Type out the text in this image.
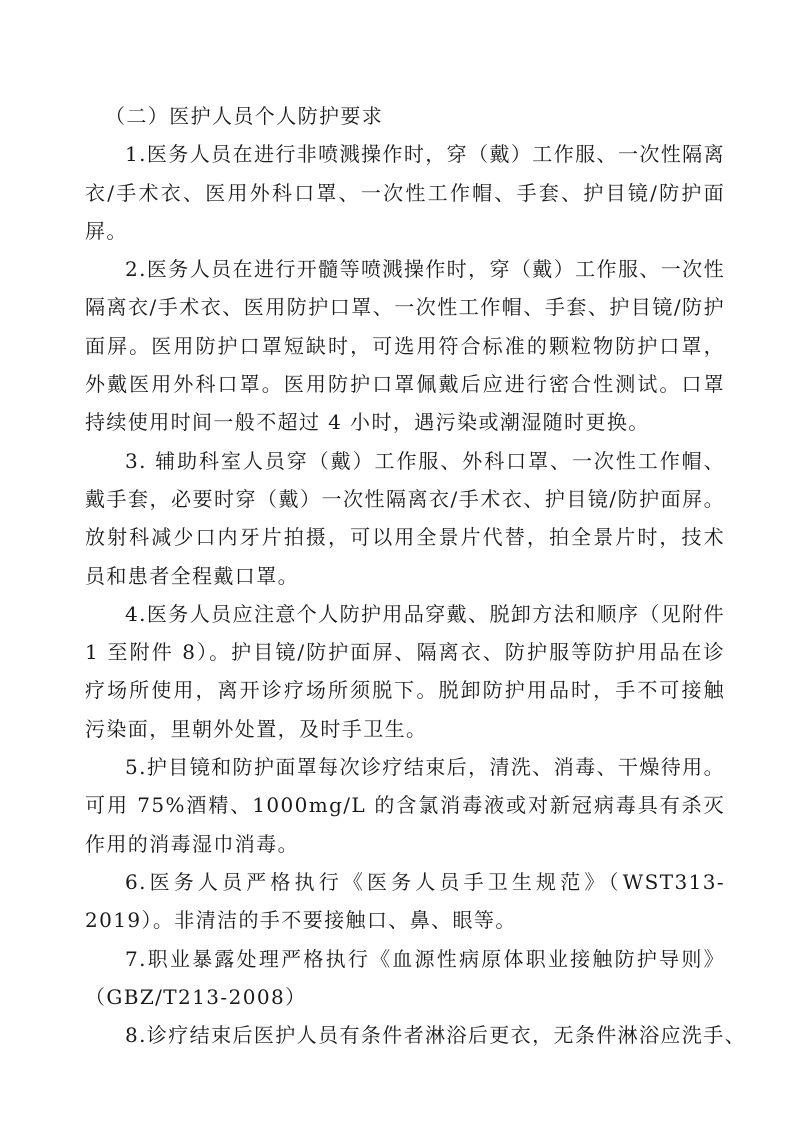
（二）医护人员个人防护要求

1.医务人员在进行非喷溅操作时，穿（戴）工作服、一次性隔离衣/手术衣、医用外科口罩、一次性工作帽、手套、护目镜/防护面屏。

2.医务人员在进行开髓等喷溅操作时，穿（戴）工作服、一次性隔离衣/手术衣、医用防护口罩、一次性工作帽、手套、护目镜/防护面屏。医用防护口罩短缺时，可选用符合标准的颗粒物防护口罩，外戴医用外科口罩。医用防护口罩佩戴后应进行密合性测试。口罩持续使用时间一般不超过 4 小时，遇污染或潮湿随时更换。

3. 辅助科室人员穿（戴）工作服、外科口罩、一次性工作帽、戴手套，必要时穿（戴）一次性隔离衣/手术衣、护目镜/防护面屏。放射科减少口内牙片拍摄，可以用全景片代替，拍全景片时，技术员和患者全程戴口罩。

4.医务人员应注意个人防护用品穿戴、脱卸方法和顺序（见附件 1 至附件 8）。护目镜/防护面屏、隔离衣、防护服等防护用品在诊疗场所使用，离开诊疗场所须脱下。脱卸防护用品时，手不可接触污染面，里朝外处置，及时手卫生。

5.护目镜和防护面罩每次诊疗结束后，清洗、消毒、干燥待用。可用 75%酒精、1000mg/L 的含氯消毒液或对新冠病毒具有杀灭作用的消毒湿巾消毒。

6.医务人员严格执行《医务人员手卫生规范》（WST313-2019）。非清洁的手不要接触口、鼻、眼等。

7.职业暴露处理严格执行《血源性病原体职业接触防护导则》（GBZ/T213-2008）

8.诊疗结束后医护人员有条件者淋浴后更衣，无条件淋浴应洗手、
